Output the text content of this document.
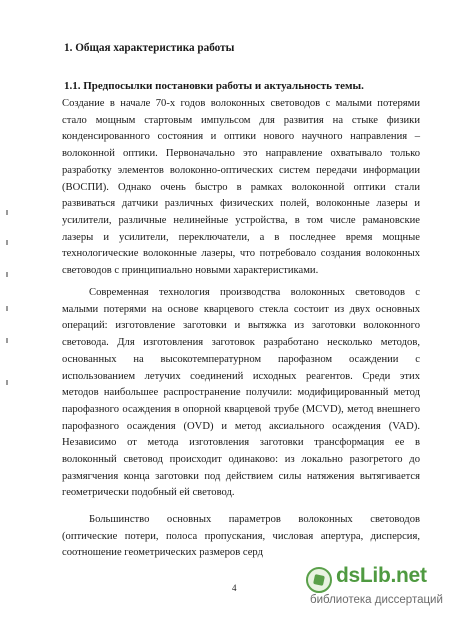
1. Общая характеристика работы
1.1. Предпосылки постановки работы и актуальность темы.
Создание в начале 70-х годов волоконных световодов с малыми потерями
стало мощным стартовым импульсом для развития на стыке физики
конденсированного состояния и оптики нового научного направления –
волоконной оптики. Первоначально это направление охватывало только
разработку элементов волоконно-оптических систем передачи информации
(ВОСПИ). Однако очень быстро в рамках волоконной оптики стали
развиваться датчики различных физических полей, волоконные лазеры и
усилители, различные нелинейные устройства, в том числе рамановские
лазеры и усилители, переключатели, а в последнее время мощные
технологические волоконные лазеры, что потребовало создания волоконных
световодов с принципиально новыми характеристиками.
Современная технология производства волоконных световодов с
малыми потерями на основе кварцевого стекла состоит из двух основных
операций: изготовление заготовки и вытяжка из заготовки волоконного
световода. Для изготовления заготовок разработано несколько методов,
основанных на высокотемпературном парофазном осаждении с
использованием летучих соединений исходных реагентов. Среди этих
методов наибольшее распространение получили: модифицированный метод
парофазного осаждения в опорной кварцевой трубе (MCVD), метод внешнего
парофазного осаждения (OVD) и метод аксиального осаждения (VAD).
Независимо от метода изготовления заготовки трансформация ее в
волоконный световод происходит одинаково: из локально разогретого до
размягчения конца заготовки под действием силы натяжения вытягивается
геометрически подобный ей световод.
Большинство основных параметров волоконных световодов
(оптические потери, полоса пропускания, числовая апертура, дисперсия,
соотношение геометрических размеров серд
4
dsLib.net
библиотека диссертаций
